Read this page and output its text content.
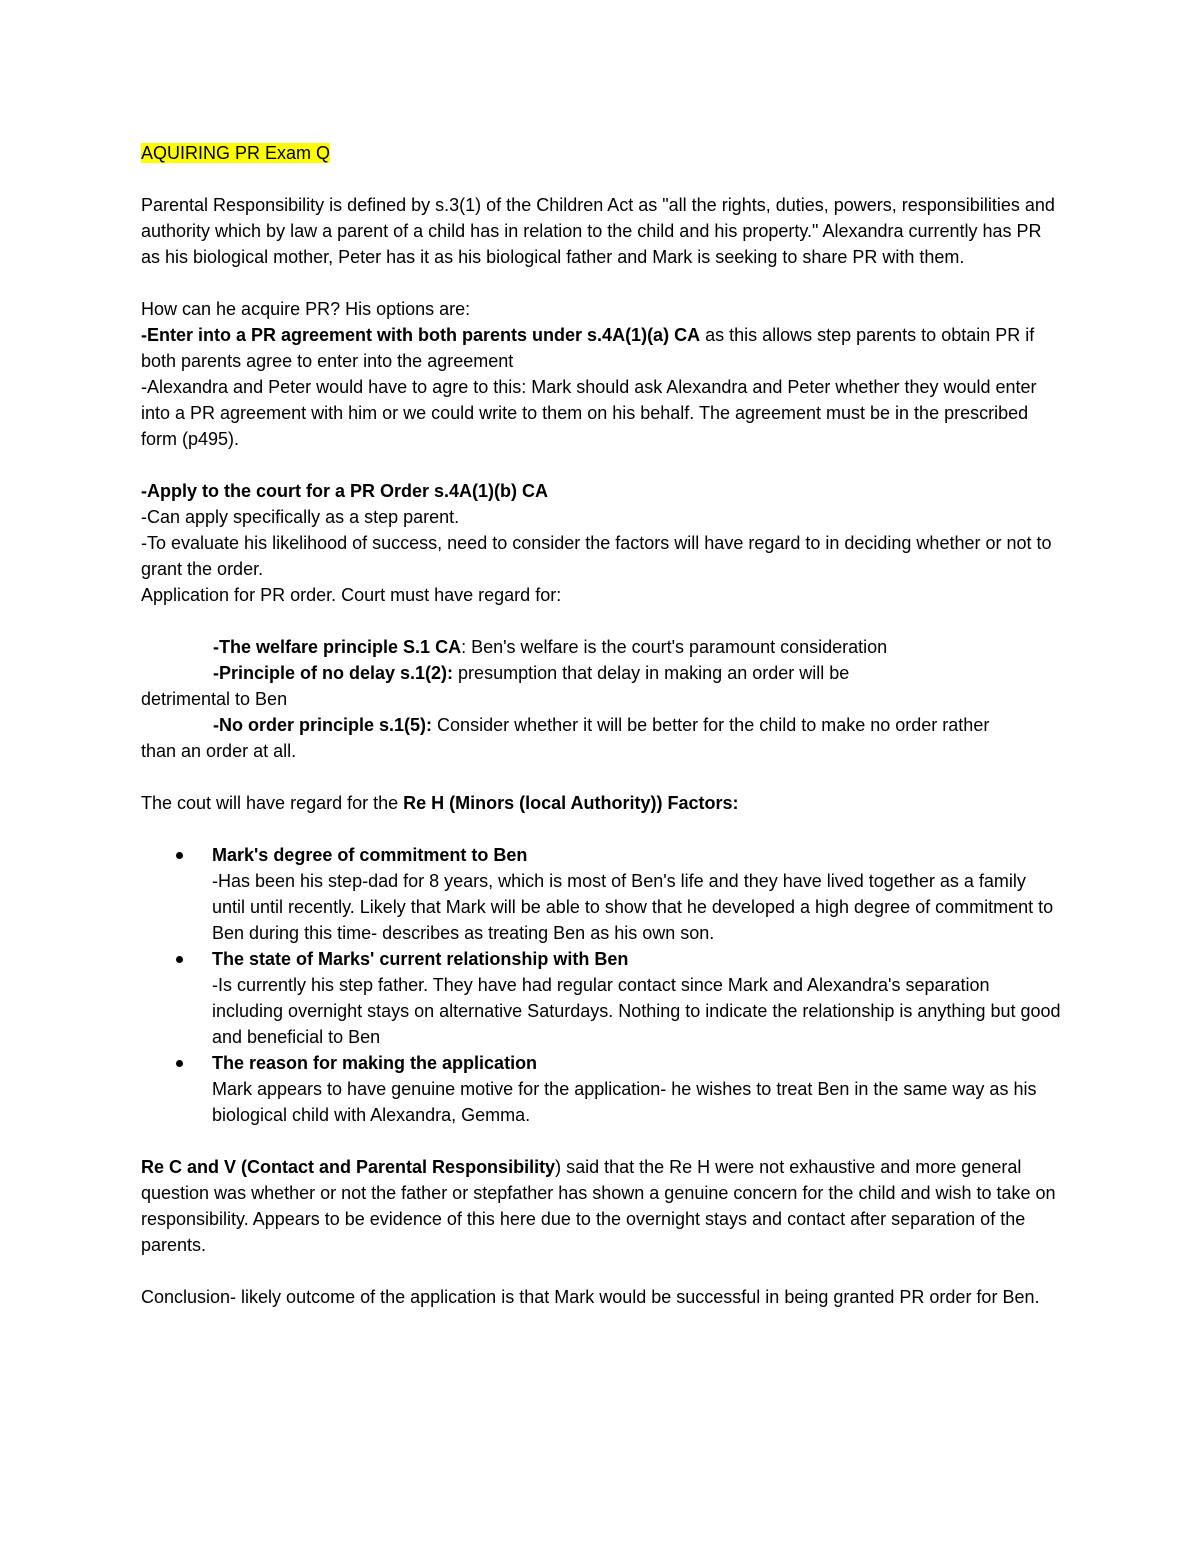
AQUIRING PR Exam Q

Parental Responsibility is defined by s.3(1) of the Children Act as "all the rights, duties, powers, responsibilities and authority which by law a parent of a child has in relation to the child and his property." Alexandra currently has PR as his biological mother, Peter has it as his biological father and Mark is seeking to share PR with them.

How can he acquire PR? His options are:

-Enter into a PR agreement with both parents under s.4A(1)(a) CA as this allows step parents to obtain PR if both parents agree to enter into the agreement

-Alexandra and Peter would have to agre to this: Mark should ask Alexandra and Peter whether they would enter into a PR agreement with him or we could write to them on his behalf. The agreement must be in the prescribed form (p495).

-Apply to the court for a PR Order s.4A(1)(b) CA

-Can apply specifically as a step parent.

-To evaluate his likelihood of success, need to consider the factors will have regard to in deciding whether or not to grant the order.

Application for PR order. Court must have regard for:

-The welfare principle S.1 CA: Ben's welfare is the court's paramount consideration

-Principle of no delay s.1(2): presumption that delay in making an order will be

detrimental to Ben

-No order principle s.1(5): Consider whether it will be better for the child to make no order rather

than an order at all.

The cout will have regard for the Re H (Minors (local Authority)) Factors:

Mark's degree of commitment to Ben

-Has been his step-dad for 8 years, which is most of Ben's life and they have lived together as a family until until recently. Likely that Mark will be able to show that he developed a high degree of commitment to Ben during this time- describes as treating Ben as his own son.

The state of Marks' current relationship with Ben

-Is currently his step father. They have had regular contact since Mark and Alexandra's separation including overnight stays on alternative Saturdays. Nothing to indicate the relationship is anything but good and beneficial to Ben

The reason for making the application

Mark appears to have genuine motive for the application- he wishes to treat Ben in the same way as his biological child with Alexandra, Gemma.

Re C and V (Contact and Parental Responsibility) said that the Re H were not exhaustive and more general question was whether or not the father or stepfather has shown a genuine concern for the child and wish to take on responsibility. Appears to be evidence of this here due to the overnight stays and contact after separation of the parents.

Conclusion- likely outcome of the application is that Mark would be successful in being granted PR order for Ben.
